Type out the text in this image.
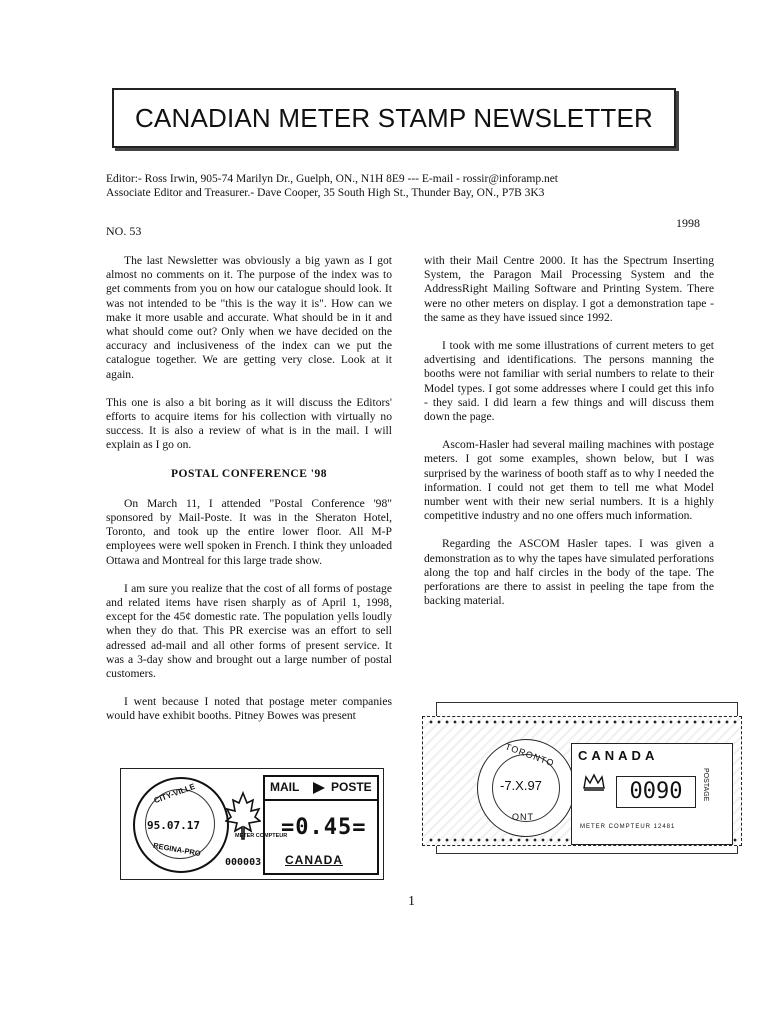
CANADIAN METER STAMP NEWSLETTER
Editor:- Ross Irwin, 905-74 Marilyn Dr., Guelph, ON., N1H 8E9 --- E-mail - rossir@inforamp.net
Associate Editor and Treasurer.- Dave Cooper, 35 South High St., Thunder Bay, ON., P7B 3K3
NO. 53
1998

The last Newsletter was obviously a big yawn as I got almost no comments on it. The purpose of the index was to get comments from you on how our catalogue should look. It was not intended to be "this is the way it is". How can we make it more usable and accurate. What should be in it and what should come out? Only when we have decided on the accuracy and inclusiveness of the index can we put the catalogue together. We are getting very close. Look at it again.

This one is also a bit boring as it will discuss the Editors' efforts to acquire items for his collection with virtually no success. It is also a review of what is in the mail. I will explain as I go on.

POSTAL CONFERENCE '98

On March 11, I attended "Postal Conference '98" sponsored by Mail-Poste. It was in the Sheraton Hotel, Toronto, and took up the entire lower floor. All M-P employees were well spoken in French. I think they unloaded Ottawa and Montreal for this large trade show.

I am sure you realize that the cost of all forms of postage and related items have risen sharply as of April 1, 1998, except for the 45¢ domestic rate. The population yells loudly when they do that. This PR exercise was an effort to sell adressed ad-mail and all other forms of present service. It was a 3-day show and brought out a large number of postal customers.

I went because I noted that postage meter companies would have exhibit booths. Pitney Bowes was present

with their Mail Centre 2000. It has the Spectrum Inserting System, the Paragon Mail Processing System and the AddressRight Mailing Software and Printing System. There were no other meters on display. I got a demonstration tape - the same as they have issued since 1992.

I took with me some illustrations of current meters to get advertising and identifications. The persons manning the booths were not familiar with serial numbers to relate to their Model types. I got some addresses where I could get this info - they said. I did learn a few things and will discuss them down the page.

Ascom-Hasler had several mailing machines with postage meters. I got some examples, shown below, but I was surprised by the wariness of booth staff as to why I needed the information. I could not get them to tell me what Model number went with their new serial numbers. It is a highly competitive industry and no one offers much information.

Regarding the ASCOM Hasler tapes. I was given a demonstration as to why the tapes have simulated perforations along the top and half circles in the body of the tape. The perforations are there to assist in peeling the tape from the backing material.

CITY-VILLE
95.07.17
REGINA-PRO
MAIL	POSTE
=0.45=
METER COMPTEUR
000003 CANADA
TORONTO
-7.X.97
ONT
CANADA
0090	POSTAGE
METER COMPTEUR 12481
1
